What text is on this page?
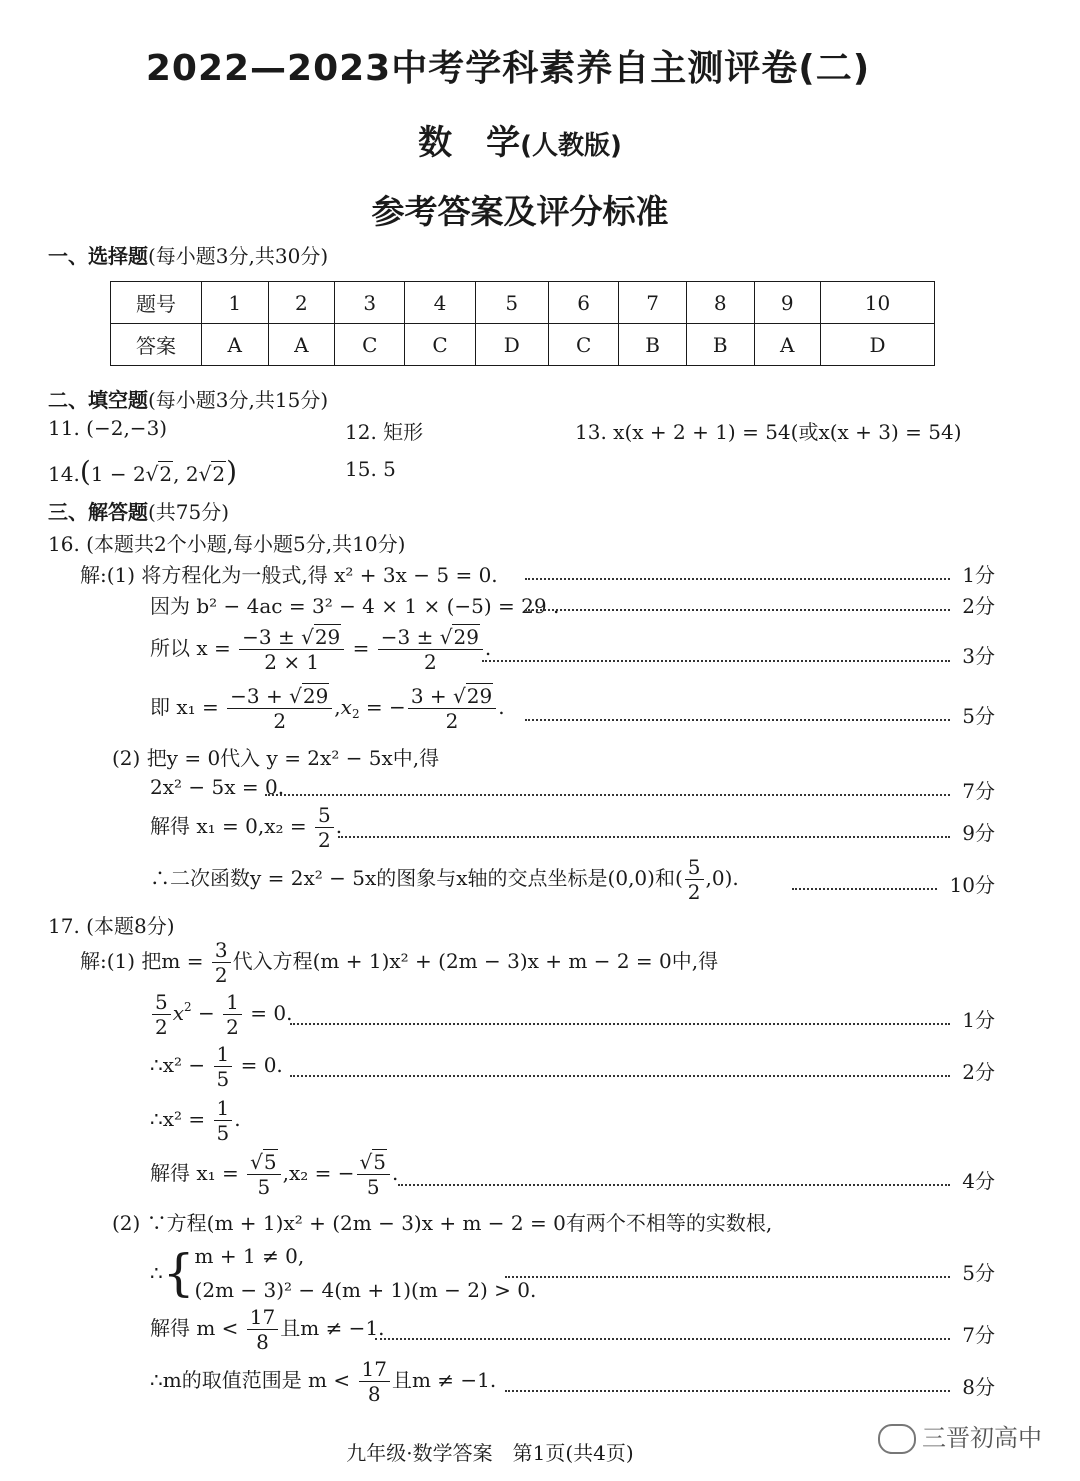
2022—2023中考学科素养自主测评卷(二)
数　学(人教版)
参考答案及评分标准
一、选择题(每小题3分,共30分)
题号	1	2	3	4	5	6	7	8	9	10
答案	A	A	C	C	D	C	B	B	A	D
二、填空题(每小题3分,共15分)
11. (−2,−3)	12. 矩形	13. x(x + 2 + 1) = 54(或x(x + 3) = 54)
14.(1 − 2√2, 2√2)	15. 5
三、解答题(共75分)
16. (本题共2个小题,每小题5分,共10分)
解:(1) 将方程化为一般式,得 x² + 3x − 5 = 0.	1分
因为 b² − 4ac = 3² − 4 × 1 × (−5) = 29 .	2分
所以 $x = \frac{-3 \pm √29}{2 \times 1} = \frac{-3 \pm √29}{2}$ .	3分
即 $x_1 = \frac{-3 + √29}{2} ,x_2$ = − $\frac{3 + √29}{2}$ .	5分
(2) 把y = 0代入 y = 2x² − 5x中,得
2x² − 5x = 0.	7分
解得 $x_1 = 0,x_2 = \frac{5}{2}$ .	9分
∴二次函数y = 2x² − 5x的图象与x轴的交点坐标是(0,0)和( $\frac{5}{2} ,0$).	10分
17. (本题8分)
解:(1) 把$m = \frac{3}{2}$ 代入方程(m + 1)x² + (2m − 3)x + m − 2 = 0中,得
$\frac{5}{2} x^2 - \frac{1}{2} = 0$.	1分
∴x² − $\frac{1}{5} = 0$.	2分
∴x² = $\frac{1}{5}$ .
解得 $x_1 = \frac{√5}{5} ,x_2$ = − $\frac{√5}{5}$ .	4分
(2) ∵方程(m + 1)x² + (2m − 3)x + m − 2 = 0有两个不相等的实数根,
∴{ m + 1 ≠ 0,
(2m − 3)² − 4(m + 1)(m − 2) > 0.
5分
解得 $m < \frac{17}{8}$ 且m ≠ −1.	7分
∴m的取值范围是 $m < \frac{17}{8}$ 且m ≠ −1.	8分
九年级·数学答案　第1页(共4页)
三晋初高中
